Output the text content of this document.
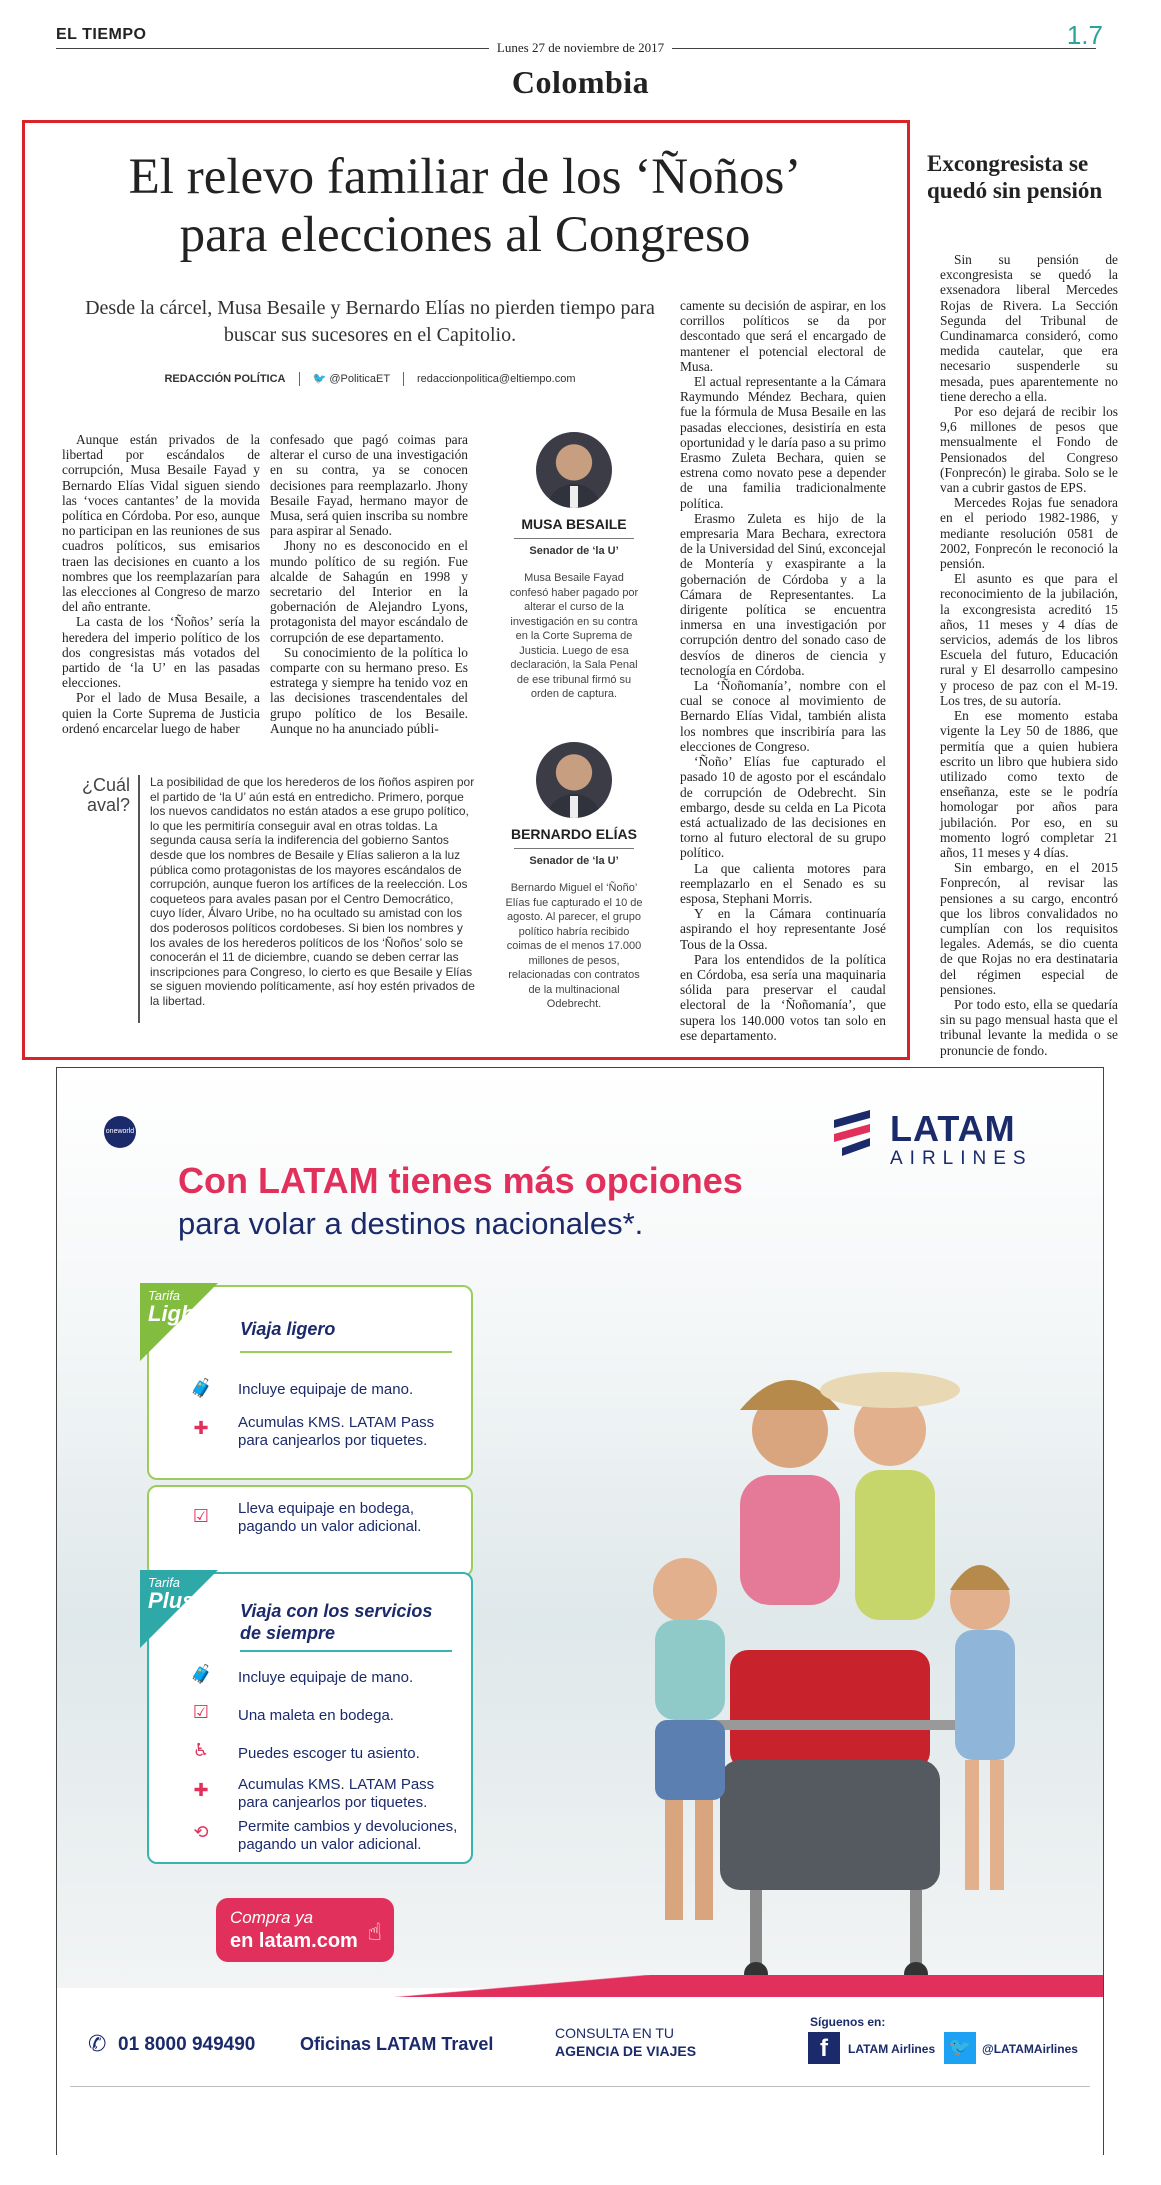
EL TIEMPO
Lunes 27 de noviembre de 2017	1.7
Colombia
El relevo familiar de los ‘Ñoños’
para elecciones al Congreso
Desde la cárcel, Musa Besaile y Bernardo Elías no pierden tiempo para buscar sus sucesores en el Capitolio.
REDACCIÓN POLÍTICA 🐦 @PoliticaET redaccionpolitica@eltiempo.com

Aunque están privados de la libertad por escándalos de corrupción, Musa Besaile Fayad y Bernardo Elías Vidal siguen siendo las ‘voces cantantes’ de la movida política en Córdoba. Por eso, aunque no participan en las reuniones de sus cuadros políticos, sus emisarios traen las decisiones en cuanto a los nombres que los reemplazarían para las elecciones al Congreso de marzo del año entrante.

La casta de los ‘Ñoños’ sería la heredera del imperio político de los dos congresistas más votados del partido de ‘la U’ en las pasadas elecciones.

Por el lado de Musa Besaile, a quien la Corte Suprema de Justicia ordenó encarcelar luego de haber

confesado que pagó coimas para alterar el curso de una investigación en su contra, ya se conocen decisiones para reemplazarlo. Jhony Besaile Fayad, hermano mayor de Musa, será quien inscriba su nombre para aspirar al Senado.

Jhony no es desconocido en el mundo político de su región. Fue alcalde de Sahagún en 1998 y secretario del Interior en la gobernación de Alejandro Lyons, protagonista del mayor escándalo de corrupción de ese departamento.

Su conocimiento de la política lo comparte con su hermano preso. Es estratega y siempre ha tenido voz en las decisiones trascendentales del grupo político de los Besaile. Aunque no ha anunciado públi-

camente su decisión de aspirar, en los corrillos políticos se da por descontado que será el encargado de mantener el potencial electoral de Musa.

El actual representante a la Cámara Raymundo Méndez Bechara, quien fue la fórmula de Musa Besaile en las pasadas elecciones, desistiría en esta oportunidad y le daría paso a su primo Erasmo Zuleta Bechara, quien se estrena como novato pese a depender de una familia tradicionalmente política.

Erasmo Zuleta es hijo de la empresaria Mara Bechara, exrectora de la Universidad del Sinú, exconcejal de Montería y exaspirante a la gobernación de Córdoba y a la Cámara de Representantes. La dirigente política se encuentra inmersa en una investigación por corrupción dentro del sonado caso de desvíos de dineros de ciencia y tecnología en Córdoba.

La ‘Ñoñomanía’, nombre con el cual se conoce al movimiento de Bernardo Elías Vidal, también alista los nombres que inscribiría para las elecciones de Congreso.

‘Ñoño’ Elías fue capturado el pasado 10 de agosto por el escándalo de corrupción de Odebrecht. Sin embargo, desde su celda en La Picota está actualizado de las decisiones en torno al futuro electoral de su grupo político.

La que calienta motores para reemplazarlo en el Senado es su esposa, Stephani Morris.

Y en la Cámara continuaría aspirando el hoy representante José Tous de la Ossa.

Para los entendidos de la política en Córdoba, esa sería una maquinaria sólida para preservar el caudal electoral de la ‘Ñoñomanía’, que supera los 140.000 votos tan solo en ese departamento.

MUSA BESAILE
Senador de ‘la U’
Musa Besaile Fayad confesó haber pagado por alterar el curso de la investigación en su contra en la Corte Suprema de Justicia. Luego de esa declaración, la Sala Penal de ese tribunal firmó su orden de captura.
BERNARDO ELÍAS
Senador de ‘la U’
Bernardo Miguel el ‘Ñoño’ Elías fue capturado el 10 de agosto. Al parecer, el grupo político habría recibido coimas de el menos 17.000 millones de pesos, relacionadas con contratos de la multinacional Odebrecht.
¿Cuál
aval?
La posibilidad de que los herederos de los ñoños aspiren por el partido de ‘la U’ aún está en entredicho. Primero, porque los nuevos candidatos no están atados a ese grupo político, lo que les permitiría conseguir aval en otras toldas. La segunda causa sería la indiferencia del gobierno Santos desde que los nombres de Besaile y Elías salieron a la luz pública como protagonistas de los mayores escándalos de corrupción, aunque fueron los artífices de la reelección. Los coqueteos para avales pasan por el Centro Democrático, cuyo líder, Álvaro Uribe, no ha ocultado su amistad con los dos poderosos políticos cordobeses. Si bien los nombres y los avales de los herederos políticos de los ‘Ñoños’ solo se conocerán el 11 de diciembre, cuando se deben cerrar las inscripciones para Congreso, lo cierto es que Besaile y Elías se siguen moviendo políticamente, así hoy estén privados de la libertad.
Excongresista se quedó sin pensión

Sin su pensión de excongresista se quedó la exsenadora liberal Mercedes Rojas de Rivera. La Sección Segunda del Tribunal de Cundinamarca consideró, como medida cautelar, que era necesario suspenderle su mesada, pues aparentemente no tiene derecho a ella.

Por eso dejará de recibir los 9,6 millones de pesos que mensualmente el Fondo de Pensionados del Congreso (Fonprecón) le giraba. Solo se le van a cubrir gastos de EPS.

Mercedes Rojas fue senadora en el periodo 1982-1986, y mediante resolución 0581 de 2002, Fonprecón le reconoció la pensión.

El asunto es que para el reconocimiento de la jubilación, la excongresista acreditó 15 años, 11 meses y 4 días de servicios, además de los libros Escuela del futuro, Educación rural y El desarrollo campesino y proceso de paz con el M-19. Los tres, de su autoría.

En ese momento estaba vigente la Ley 50 de 1886, que permitía que a quien hubiera escrito un libro que hubiera sido utilizado como texto de enseñanza, este se le podría homologar por años para jubilación. Por eso, en su momento logró completar 21 años, 11 meses y 4 días.

Sin embargo, en el 2015 Fonprecón, al revisar las pensiones a su cargo, encontró que los libros convalidados no cumplían con los requisitos legales. Además, se dio cuenta de que Rojas no era destinataria del régimen especial de pensiones.

Por todo esto, ella se quedaría sin su pago mensual hasta que el tribunal levante la medida o se pronuncie de fondo.

oneworld	LATAM
AIRLINES
Con LATAM tienes más opciones
para volar a destinos nacionales*.
Tarifa
Light*
Viaja ligero
🧳 Incluye equipaje de mano.
✚ Acumulas KMS. LATAM Pass para canjearlos por tiquetes.
☑ Lleva equipaje en bodega, pagando un valor adicional.
Tarifa
Plus* Viaja con los servicios de siempre
🧳 Incluye equipaje de mano.
☑ Una maleta en bodega.
♿ Puedes escoger tu asiento.
✚ Acumulas KMS. LATAM Pass para canjearlos por tiquetes.
⟲ Permite cambios y devoluciones, pagando un valor adicional.
Compra ya
en latam.com ☝
✆ 01 8000 949490 Oficinas LATAM Travel
CONSULTA EN TU
AGENCIA DE VIAJES
Síguenos en:
f	LATAM Airlines 🐦 @LATAMAirlines
